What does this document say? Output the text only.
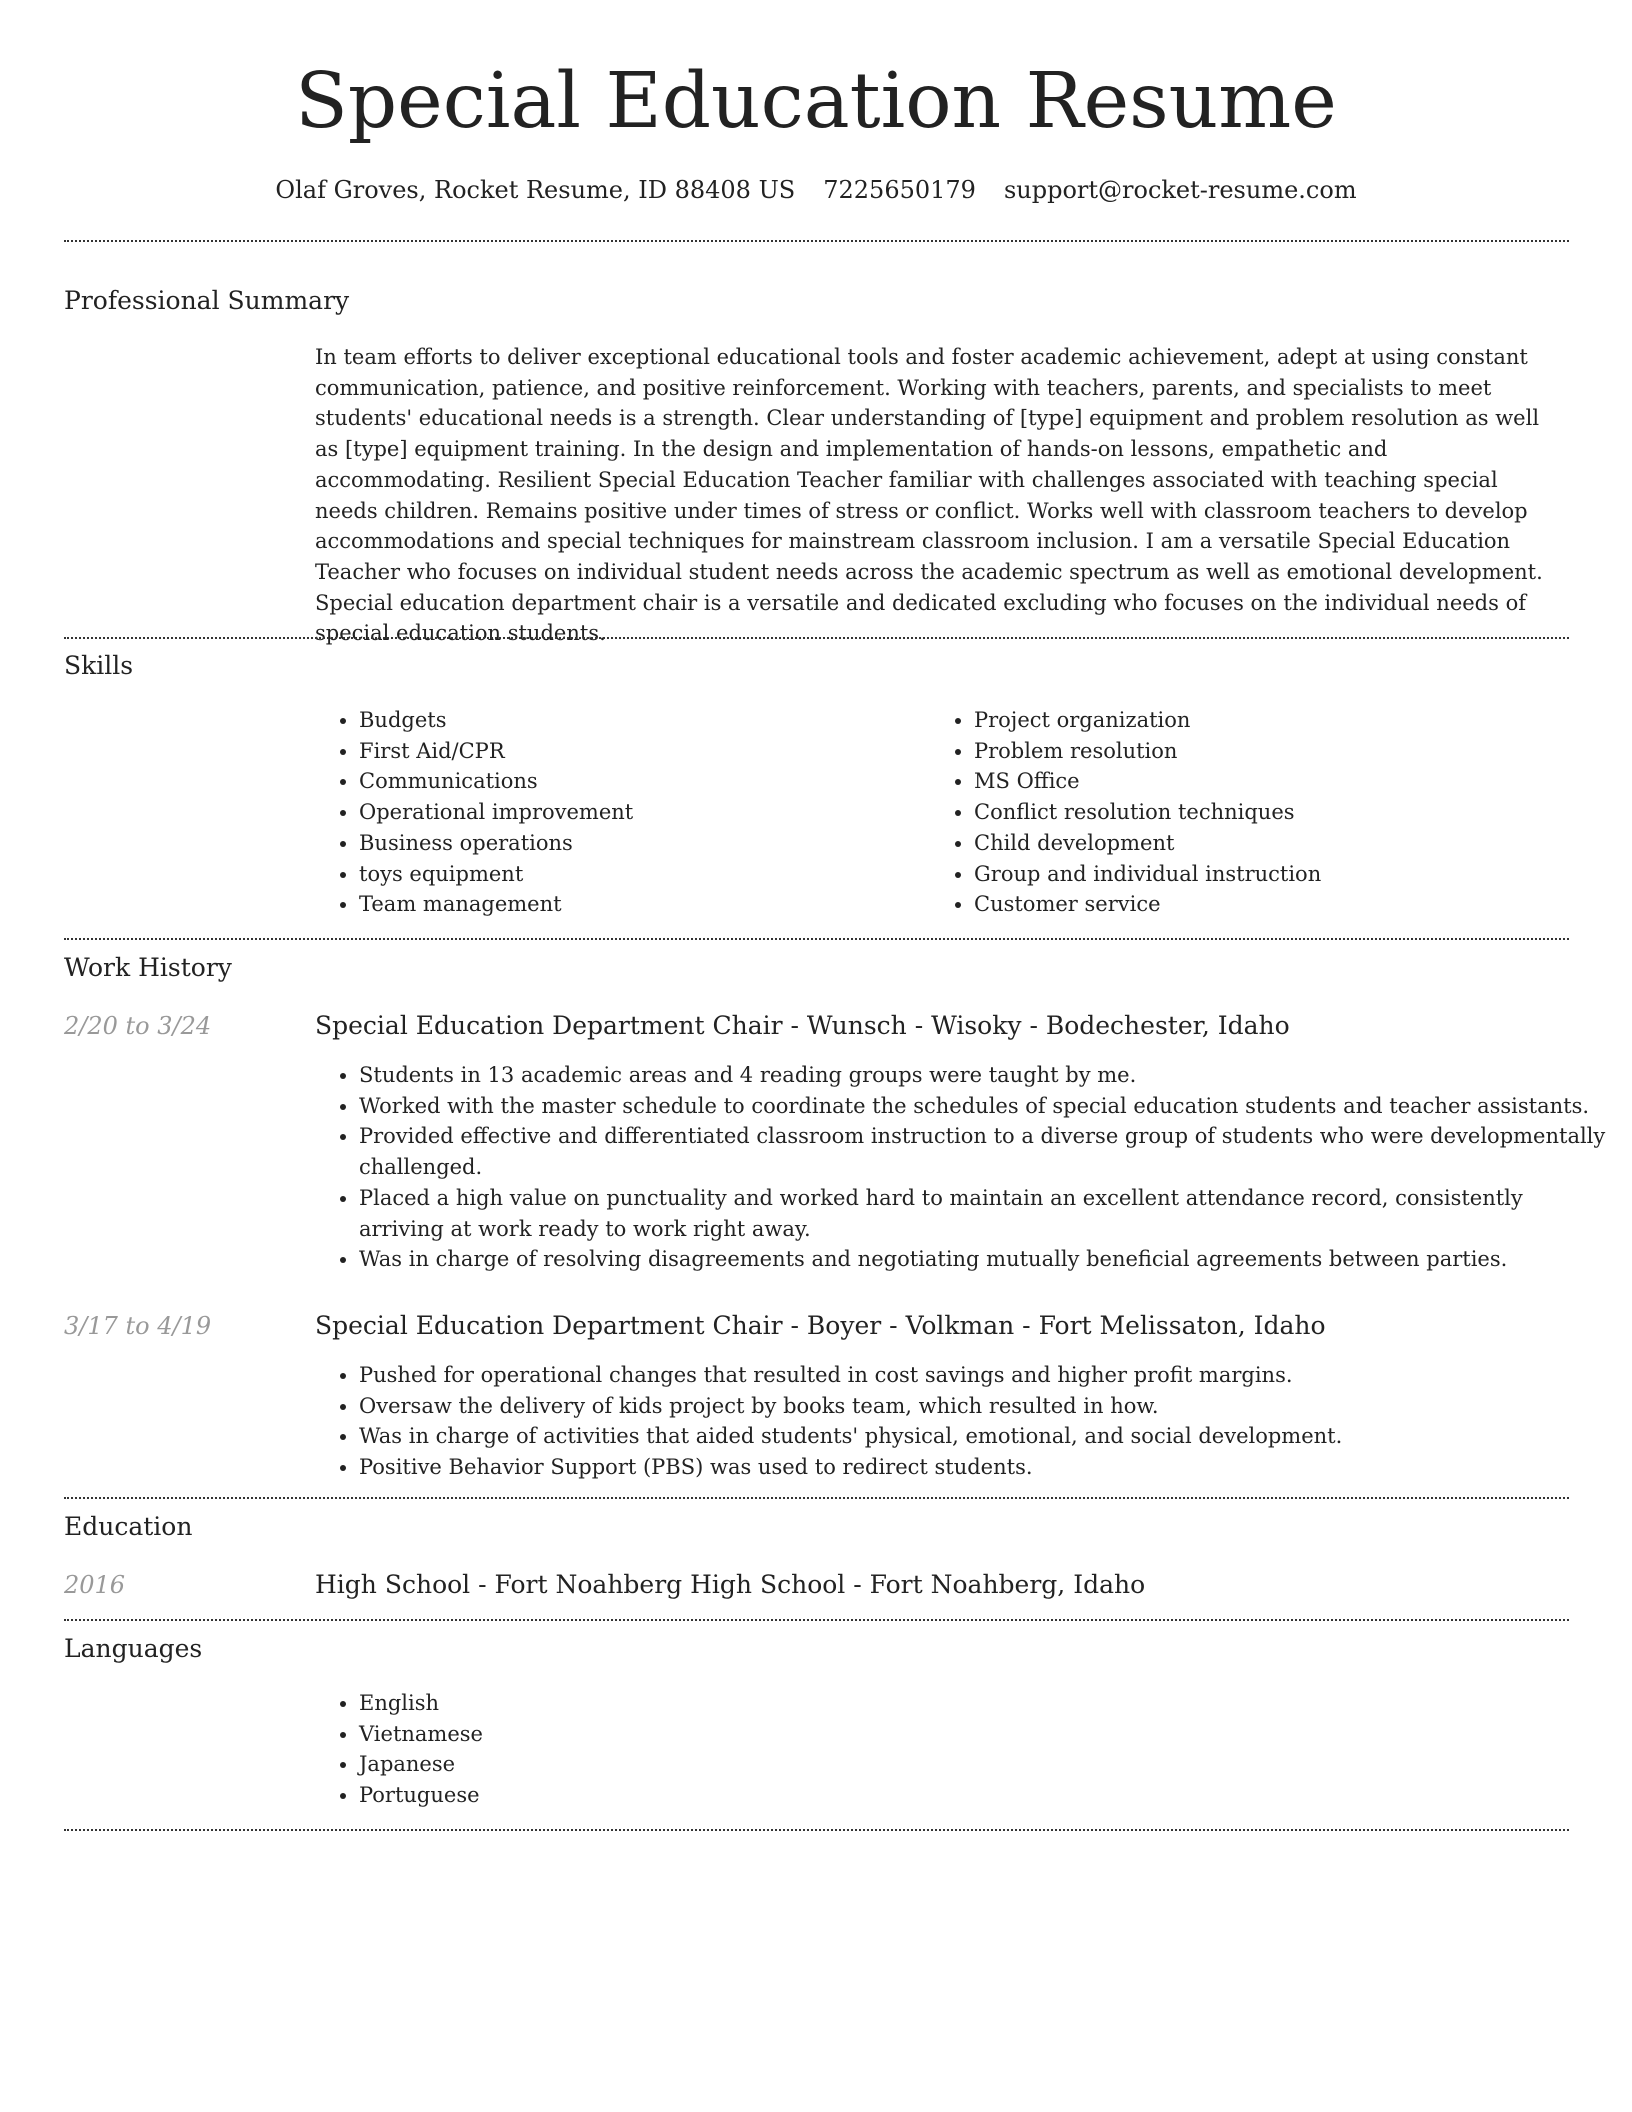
Special Education Resume
Olaf Groves, Rocket Resume, ID 88408 US 7225650179 support@rocket-resume.com
Professional Summary

In team efforts to deliver exceptional educational tools and foster academic achievement, adept at using constant communication, patience, and positive reinforcement. Working with teachers, parents, and specialists to meet students' educational needs is a strength. Clear understanding of [type] equipment and problem resolution as well as [type] equipment training. In the design and implementation of hands-on lessons, empathetic and accommodating. Resilient Special Education Teacher familiar with challenges associated with teaching special needs children. Remains positive under times of stress or conflict. Works well with classroom teachers to develop accommodations and special techniques for mainstream classroom inclusion. I am a versatile Special Education Teacher who focuses on individual student needs across the academic spectrum as well as emotional development. Special education department chair is a versatile and dedicated excluding who focuses on the individual needs of special education students.

Skills
• Budgets
• First Aid/CPR
• Communications
• Operational improvement
• Business operations
• toys equipment
• Team management
• Project organization
• Problem resolution
• MS Office
• Conflict resolution techniques
• Child development
• Group and individual instruction
• Customer service
Work History
2/20 to 3/24	Special Education Department Chair - Wunsch - Wisoky - Bodechester, Idaho
• Students in 13 academic areas and 4 reading groups were taught by me.
• Worked with the master schedule to coordinate the schedules of special education students and teacher assistants.
• Provided effective and differentiated classroom instruction to a diverse group of students who were developmentally challenged.
• Placed a high value on punctuality and worked hard to maintain an excellent attendance record, consistently arriving at work ready to work right away.
• Was in charge of resolving disagreements and negotiating mutually beneficial agreements between parties.
3/17 to 4/19	Special Education Department Chair - Boyer - Volkman - Fort Melissaton, Idaho
• Pushed for operational changes that resulted in cost savings and higher profit margins.
• Oversaw the delivery of kids project by books team, which resulted in how.
• Was in charge of activities that aided students' physical, emotional, and social development.
• Positive Behavior Support (PBS) was used to redirect students.
Education
2016	High School - Fort Noahberg High School - Fort Noahberg, Idaho
Languages
• English
• Vietnamese
• Japanese
• Portuguese
